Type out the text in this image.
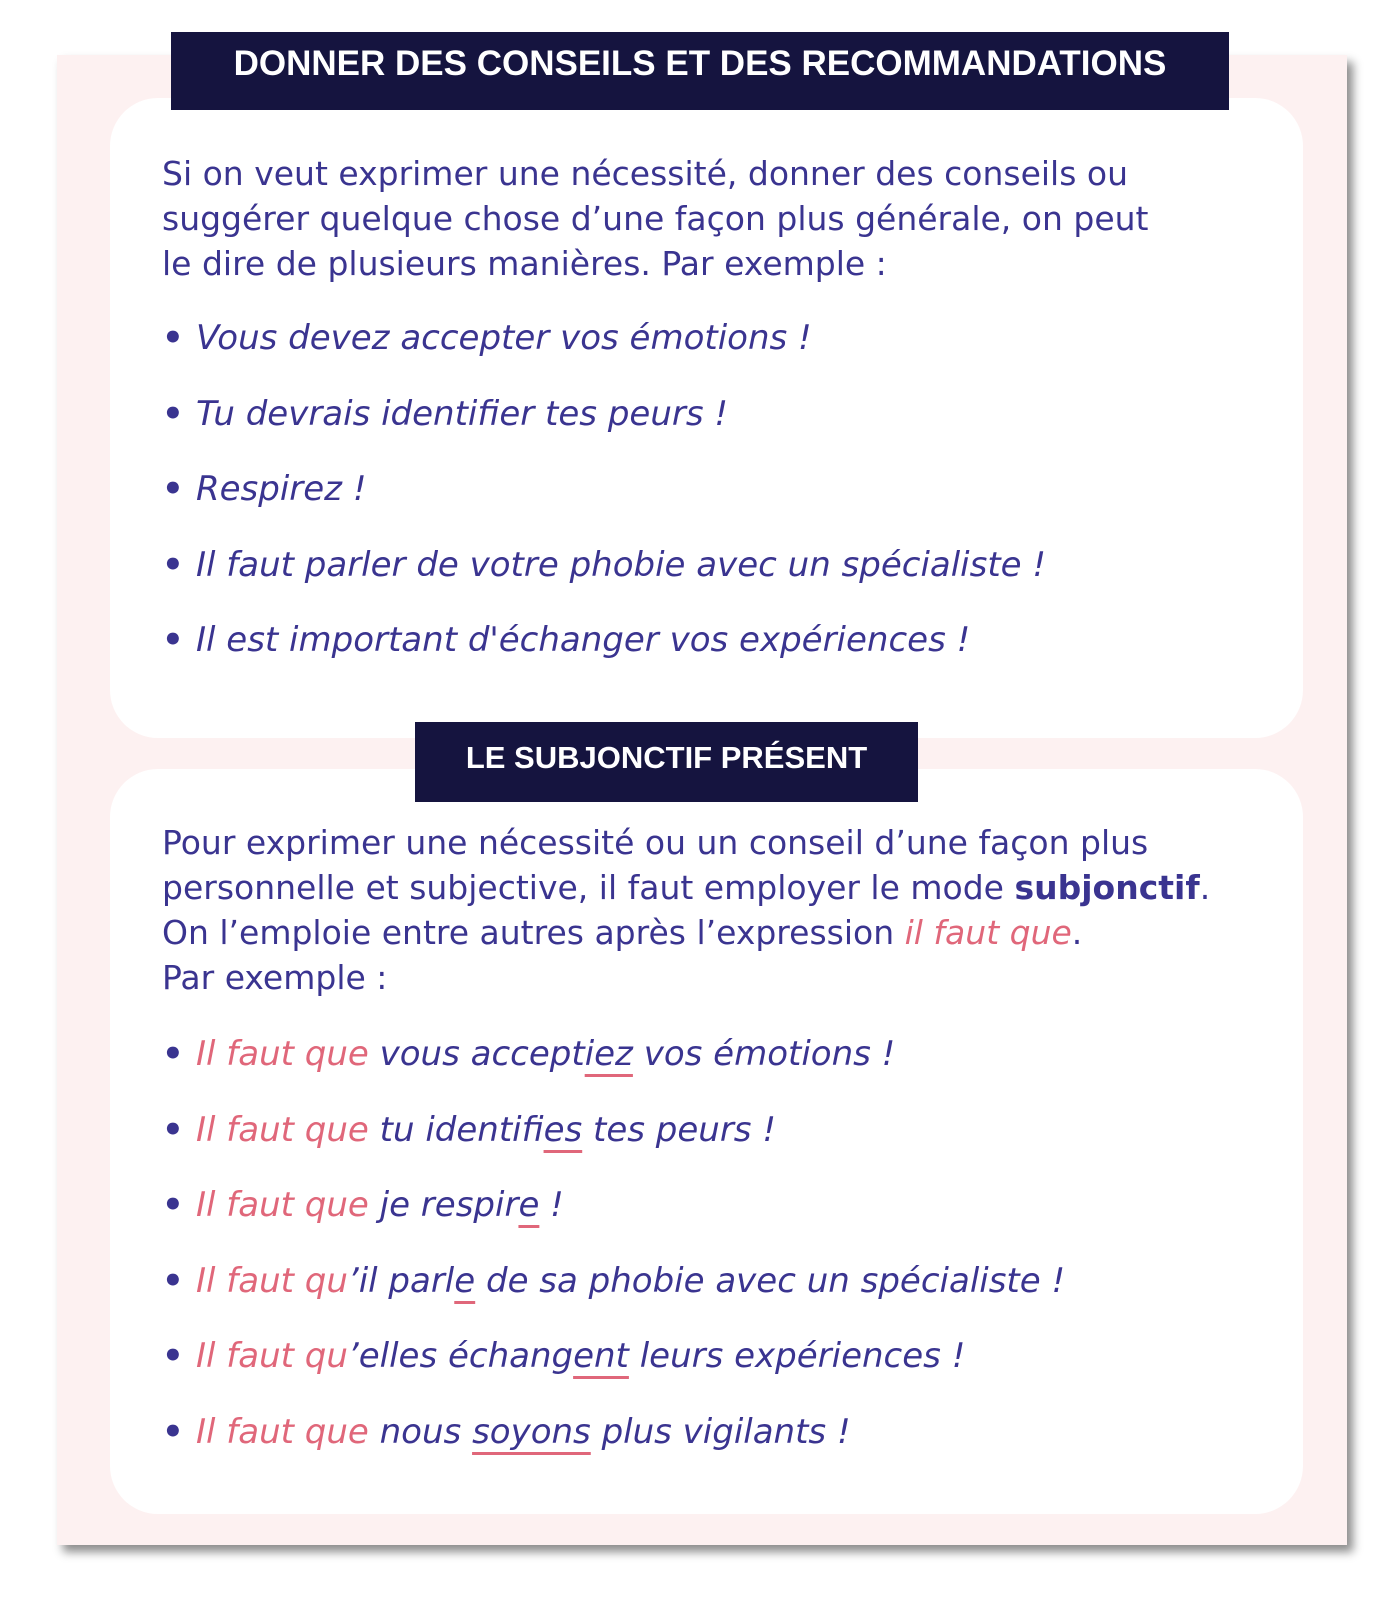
DONNER DES CONSEILS ET DES RECOMMANDATIONS

Si on veut exprimer une nécessité, donner des conseils ou
suggérer quelque chose d’une façon plus générale, on peut
le dire de plusieurs manières. Par exemple :

• Vous devez accepter vos émotions !
• Tu devrais identifier tes peurs !
• Respirez !
• Il faut parler de votre phobie avec un spécialiste !
• Il est important d'échanger vos expériences !
LE SUBJONCTIF PRÉSENT

Pour exprimer une nécessité ou un conseil d’une façon plus
personnelle et subjective, il faut employer le mode subjonctif.
On l’emploie entre autres après l’expression il faut que.
Par exemple :

• Il faut que vous acceptiez vos émotions !
• Il faut que tu identifies tes peurs !
• Il faut que je respire !
• Il faut qu’il parle de sa phobie avec un spécialiste !
• Il faut qu’elles échangent leurs expériences !
• Il faut que nous soyons plus vigilants !
